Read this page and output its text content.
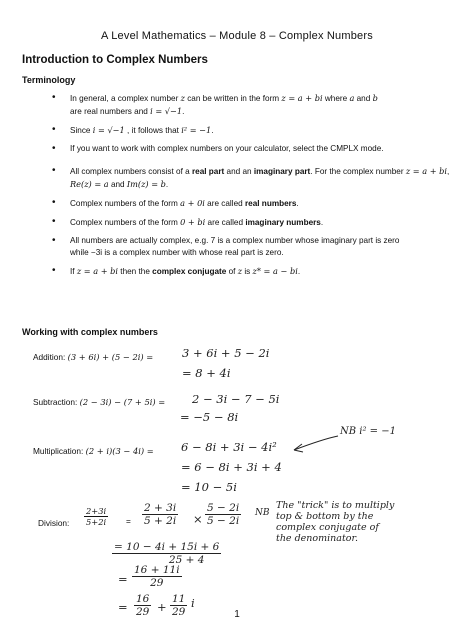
A Level Mathematics – Module 8 – Complex Numbers
Introduction to Complex Numbers
Terminology
• In general, a complex number z can be written in the form z = a + bi where a and b
are real numbers and i = √−1.
• Since i = √−1 , it follows that i² = −1.
• If you want to work with complex numbers on your calculator, select the CMPLX mode.
• All complex numbers consist of a real part and an imaginary part. For the complex number z = a + bi, Re(z) = a and Im(z) = b.
• Complex numbers of the form a + 0i are called real numbers.
• Complex numbers of the form 0 + bi are called imaginary numbers.
• All numbers are actually complex, e.g. 7 is a complex number whose imaginary part is zero
while −3i is a complex number with whose real part is zero.
• If z = a + bi then the complex conjugate of z is z* = a − bi.
Working with complex numbers
Addition: (3 + 6i) + (5 − 2i) =	3 + 6i + 5 − 2i
= 8 + 4i
Subtraction: (2 − 3i) − (7 + 5i) = 2 − 3i − 7 − 5i
= −5 − 8i
Multiplication: (2 + i)(3 − 4i) = 6 − 8i + 3i − 4i²
= 6 − 8i + 3i + 4
= 10 − 5i
NB i² = −1
Division: $\frac{2+3i}{5+2i}$ =
2 + 3i
5 + 2i ×
5 − 2i
5 − 2i
NB
The "trick" is to multiply
top & bottom by the
complex conjugate of
the denominator.
= 10 − 4i + 15i + 6
25 + 4
=
16 + 11i
29
=
16
29 +
11
29
i
1
